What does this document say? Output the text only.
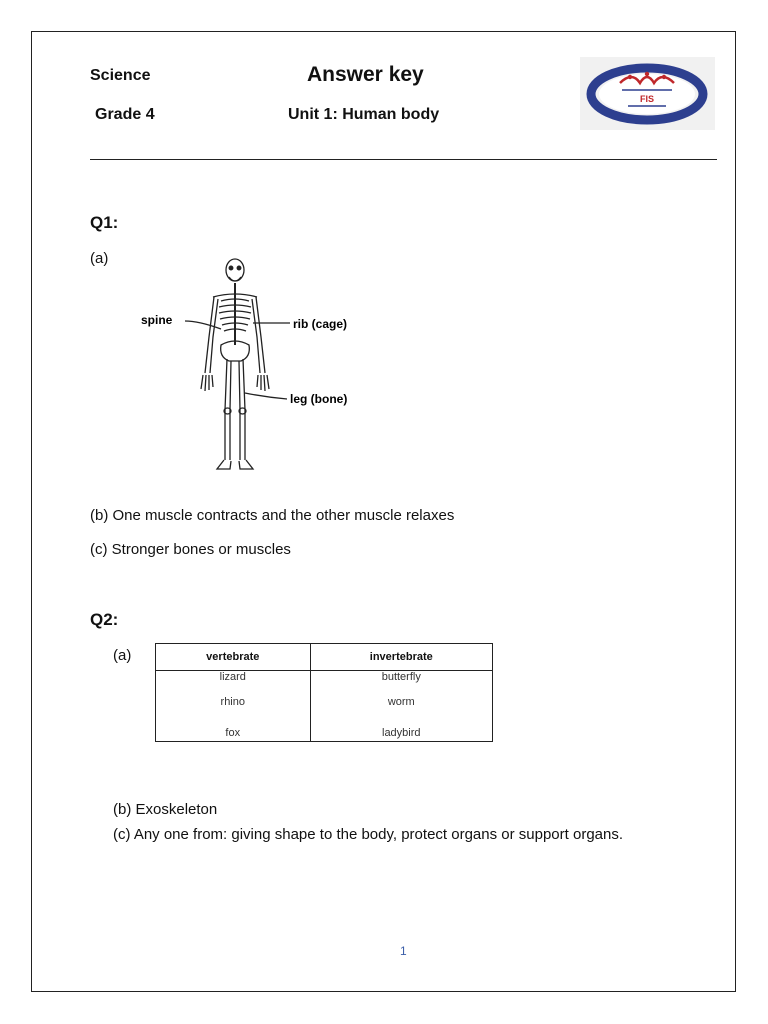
Science
Grade 4
Answer key
Unit 1: Human body
FIS
Q1:
(a)
spine	rib (cage)
leg (bone)
(b) One muscle contracts and the other muscle relaxes
(c) Stronger bones or muscles
Q2:
(a)	vertebrate	invertebrate
lizard	butterfly
rhino	worm
fox	ladybird
(b) Exoskeleton
(c) Any one from: giving shape to the body, protect organs or support organs.
1
